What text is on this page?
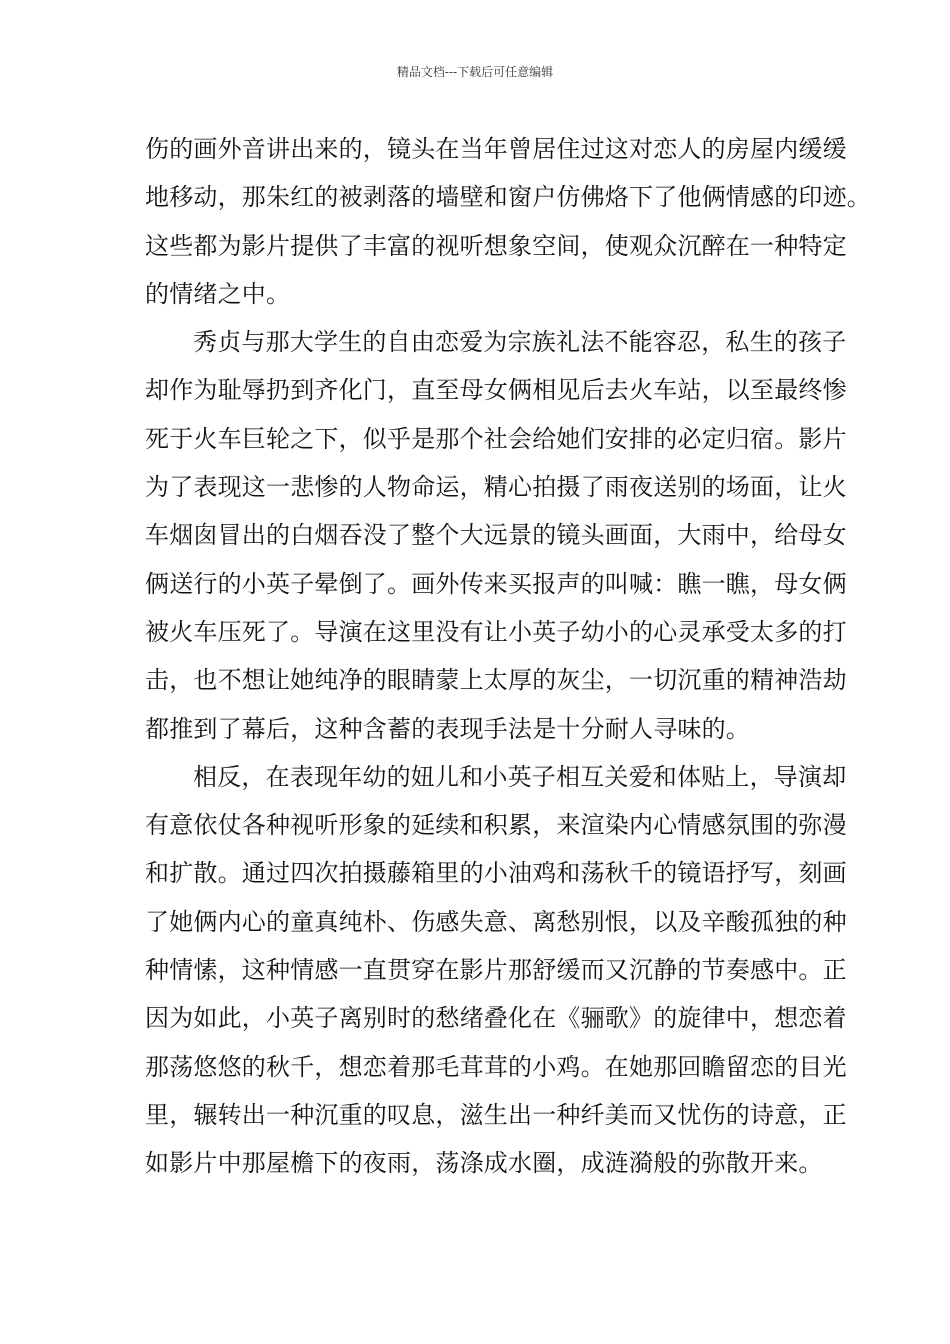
精品文档---下载后可任意编辑
伤的画外音讲出来的，镜头在当年曾居住过这对恋人的房屋内缓缓
地移动，那朱红的被剥落的墙壁和窗户仿佛烙下了他俩情感的印迹。
这些都为影片提供了丰富的视听想象空间，使观众沉醉在一种特定
的情绪之中。
秀贞与那大学生的自由恋爱为宗族礼法不能容忍，私生的孩子
却作为耻辱扔到齐化门，直至母女俩相见后去火车站，以至最终惨
死于火车巨轮之下，似乎是那个社会给她们安排的必定归宿。影片
为了表现这一悲惨的人物命运，精心拍摄了雨夜送别的场面，让火
车烟囱冒出的白烟吞没了整个大远景的镜头画面，大雨中，给母女
俩送行的小英子晕倒了。画外传来买报声的叫喊：瞧一瞧，母女俩
被火车压死了。导演在这里没有让小英子幼小的心灵承受太多的打
击，也不想让她纯净的眼睛蒙上太厚的灰尘，一切沉重的精神浩劫
都推到了幕后，这种含蓄的表现手法是十分耐人寻味的。
相反，在表现年幼的妞儿和小英子相互关爱和体贴上，导演却
有意依仗各种视听形象的延续和积累，来渲染内心情感氛围的弥漫
和扩散。通过四次拍摄藤箱里的小油鸡和荡秋千的镜语抒写，刻画
了她俩内心的童真纯朴、伤感失意、离愁别恨，以及辛酸孤独的种
种情愫，这种情感一直贯穿在影片那舒缓而又沉静的节奏感中。正
因为如此，小英子离别时的愁绪叠化在《骊歌》的旋律中，想恋着
那荡悠悠的秋千，想恋着那毛茸茸的小鸡。在她那回瞻留恋的目光
里，辗转出一种沉重的叹息，滋生出一种纤美而又忧伤的诗意，正
如影片中那屋檐下的夜雨，荡涤成水圈，成涟漪般的弥散开来。
